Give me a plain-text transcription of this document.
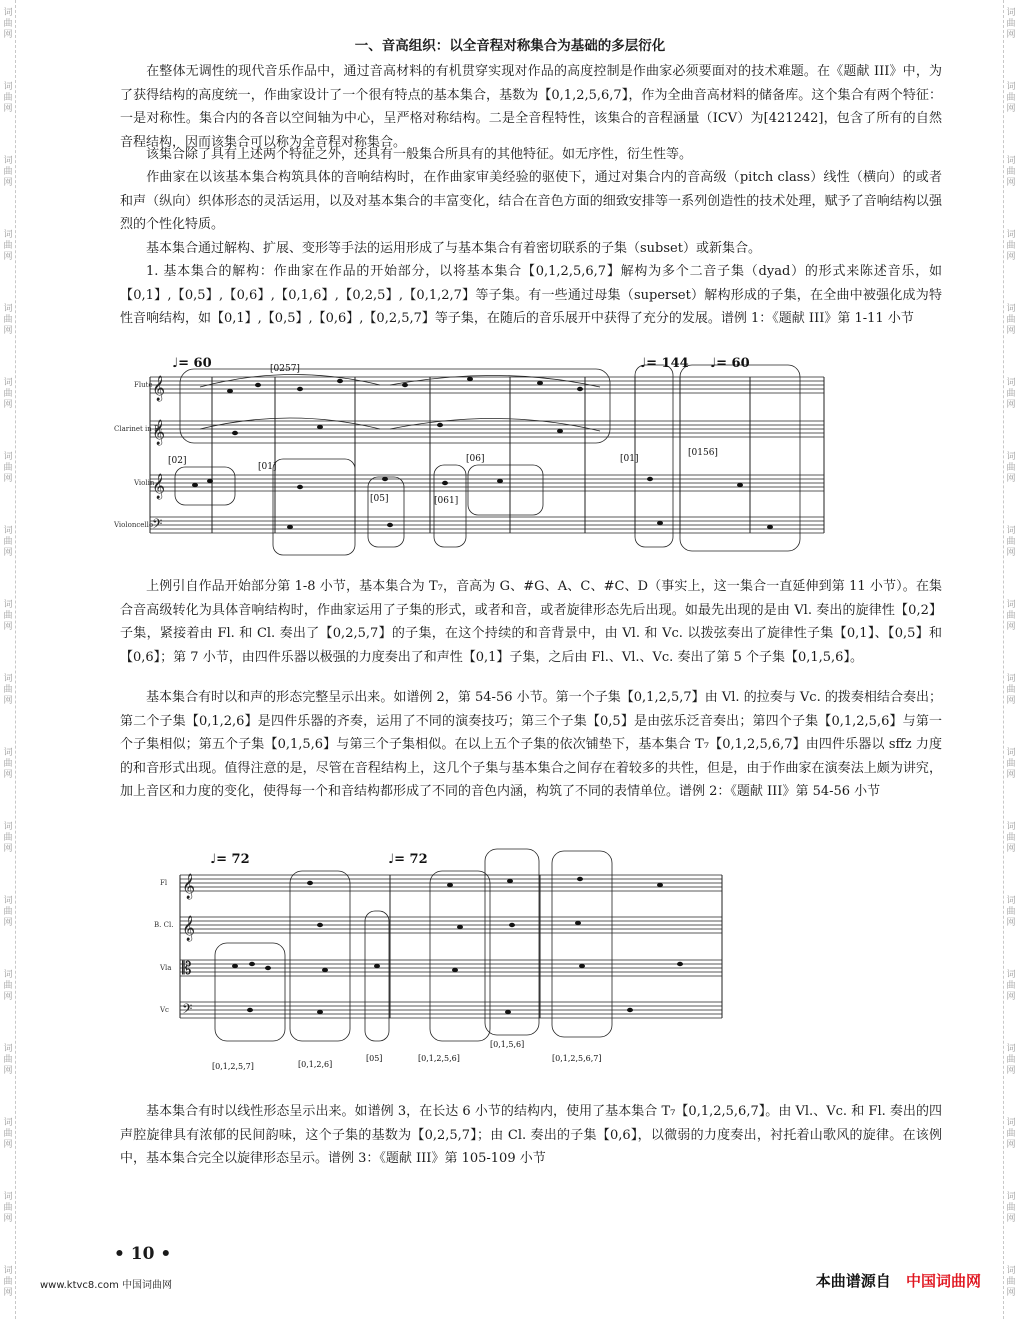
词
曲
网
词
曲
网
词
曲
网
词
曲
网
词
曲
网
词
曲
网
词
曲
网
词
曲
网
词
曲
网
词
曲
网
词
曲
网
词
曲
网
词
曲
网
词
曲
网
词
曲
网
词
曲
网
词
曲
网
词
曲
网
词
曲
网
词
曲
网
词
曲
网
词
曲
网
词
曲
网
词
曲
网
词
曲
网
词
曲
网
词
曲
网
词
曲
网
词
曲
网
词
曲
网
词
曲
网
词
曲
网
词
曲
网
词
曲
网
词
曲
网
词
曲
网
一、音高组织：以全音程对称集合为基础的多层衍化

在整体无调性的现代音乐作品中，通过音高材料的有机贯穿实现对作品的高度控制是作曲家必须要面对的技术难题。在《题献 III》中，为了获得结构的高度统一，作曲家设计了一个很有特点的基本集合，基数为【0,1,2,5,6,7】，作为全曲音高材料的储备库。这个集合有两个特征：一是对称性。集合内的各音以空间轴为中心，呈严格对称结构。二是全音程特性，该集合的音程涵量（ICV）为[421242]，包含了所有的自然音程结构，因而该集合可以称为全音程对称集合。

该集合除了具有上述两个特征之外，还具有一般集合所具有的其他特征。如无序性，衍生性等。

作曲家在以该基本集合构筑具体的音响结构时，在作曲家审美经验的驱使下，通过对集合内的音高级（pitch class）线性（横向）的或者和声（纵向）织体形态的灵活运用，以及对基本集合的丰富变化，结合在音色方面的细致安排等一系列创造性的技术处理，赋予了音响结构以强烈的个性化特质。

基本集合通过解构、扩展、变形等手法的运用形成了与基本集合有着密切联系的子集（subset）或新集合。

1. 基本集合的解构：作曲家在作品的开始部分，以将基本集合【0,1,2,5,6,7】解构为多个二音子集（dyad）的形式来陈述音乐，如【0,1】,【0,5】,【0,6】,【0,1,6】,【0,2,5】,【0,1,2,7】等子集。有一些通过母集（superset）解构形成的子集，在全曲中被强化成为特性音响结构，如【0,1】,【0,5】,【0,6】,【0,2,5,7】等子集，在随后的音乐展开中获得了充分的发展。谱例 1：《题献 III》第 1-11 小节

𝄞
𝄞
𝄞
𝄢
Flute
Clarinet in B♭
Violin
Violoncello
♩= 60	♩= 144 ♩= 60
[0257]
[02]
[01]
[05]	[061]
[06]	[01]
[0156]

上例引自作品开始部分第 1-8 小节，基本集合为 T₇，音高为 G、#G、A、C、#C、D（事实上，这一集合一直延伸到第 11 小节）。在集合音高级转化为具体音响结构时，作曲家运用了子集的形式，或者和音，或者旋律形态先后出现。如最先出现的是由 Vl. 奏出的旋律性【0,2】子集，紧接着由 Fl. 和 Cl. 奏出了【0,2,5,7】的子集，在这个持续的和音背景中，由 Vl. 和 Vc. 以拨弦奏出了旋律性子集【0,1】、【0,5】和【0,6】；第 7 小节，由四件乐器以极强的力度奏出了和声性【0,1】子集，之后由 Fl.、Vl.、Vc. 奏出了第 5 个子集【0,1,5,6】。

基本集合有时以和声的形态完整呈示出来。如谱例 2，第 54-56 小节。第一个子集【0,1,2,5,7】由 Vl. 的拉奏与 Vc. 的拨奏相结合奏出；第二个子集【0,1,2,6】是四件乐器的齐奏，运用了不同的演奏技巧；第三个子集【0,5】是由弦乐泛音奏出；第四个子集【0,1,2,5,6】与第一个子集相似；第五个子集【0,1,5,6】与第三个子集相似。在以上五个子集的依次铺垫下，基本集合 T₇【0,1,2,5,6,7】由四件乐器以 sffz 力度的和音形式出现。值得注意的是，尽管在音程结构上，这几个子集与基本集合之间存在着较多的共性，但是，由于作曲家在演奏法上颇为讲究，加上音区和力度的变化，使得每一个和音结构都形成了不同的音色内涵，构筑了不同的表情单位。谱例 2：《题献 III》第 54-56 小节

𝄞
𝄞
𝄡
𝄢
Fl
B. Cl.
Vla
Vc
♩= 72	♩= 72
[0,1,2,5,7]	[0,1,2,6]
[05]	[0,1,2,5,6]
[0,1,5,6]
[0,1,2,5,6,7]

基本集合有时以线性形态呈示出来。如谱例 3，在长达 6 小节的结构内，使用了基本集合 T₇【0,1,2,5,6,7】。由 Vl.、Vc. 和 Fl. 奏出的四声腔旋律具有浓郁的民间韵味，这个子集的基数为【0,2,5,7】；由 Cl. 奏出的子集【0,6】，以微弱的力度奏出，衬托着山歌风的旋律。在该例中，基本集合完全以旋律形态呈示。谱例 3：《题献 III》第 105-109 小节

• 10 •
www.ktvc8.com 中国词曲网	本曲谱源自 中国词曲网
